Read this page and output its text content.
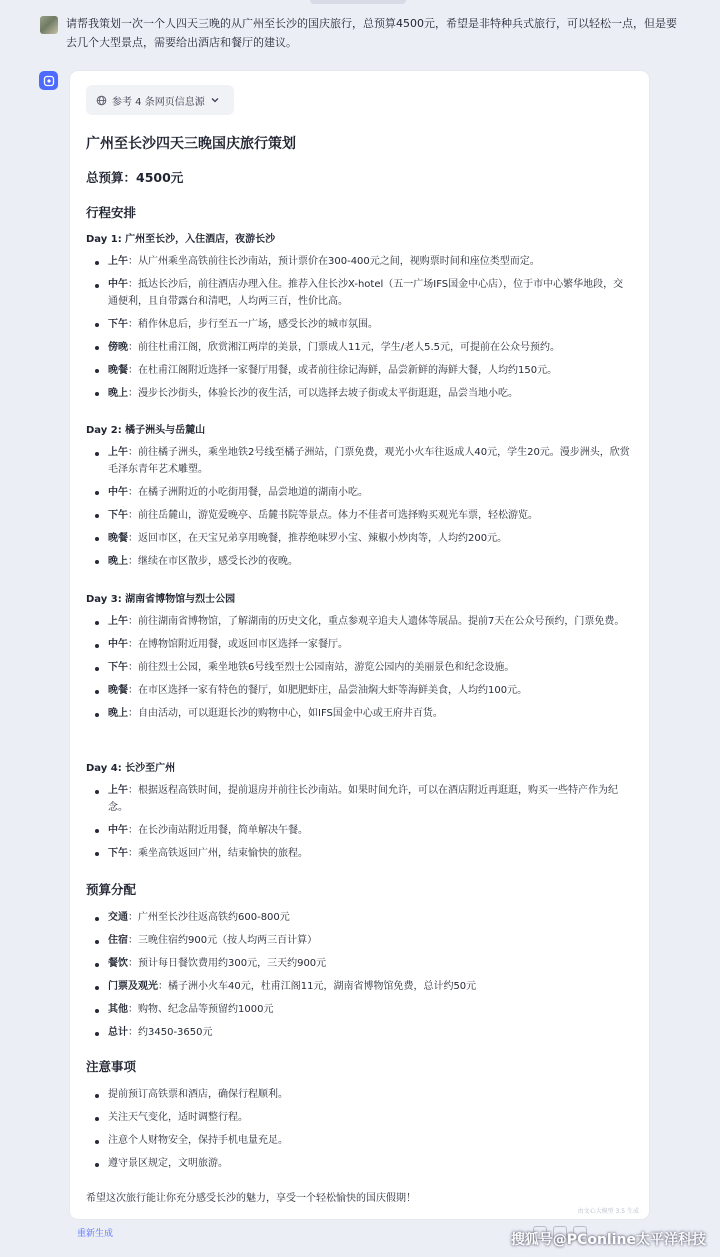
请帮我策划一次一个人四天三晚的从广州至长沙的国庆旅行，总预算4500元，希望是非特种兵式旅行，可以轻松一点，但是要去几个大型景点，需要给出酒店和餐厅的建议。
参考 4 条网页信息源
广州至长沙四天三晚国庆旅行策划
总预算：4500元
行程安排
Day 1: 广州至长沙，入住酒店，夜游长沙
上午：从广州乘坐高铁前往长沙南站，预计票价在300-400元之间，视购票时间和座位类型而定。
中午：抵达长沙后，前往酒店办理入住。推荐入住长沙X-hotel（五一广场IFS国金中心店），位于市中心繁华地段，交通便利，且自带露台和清吧，人均两三百，性价比高。
下午：稍作休息后，步行至五一广场，感受长沙的城市氛围。
傍晚：前往杜甫江阁，欣赏湘江两岸的美景，门票成人11元，学生/老人5.5元，可提前在公众号预约。
晚餐：在杜甫江阁附近选择一家餐厅用餐，或者前往徐记海鲜，品尝新鲜的海鲜大餐，人均约150元。
晚上：漫步长沙街头，体验长沙的夜生活，可以选择去坡子街或太平街逛逛，品尝当地小吃。
Day 2: 橘子洲头与岳麓山
上午：前往橘子洲头，乘坐地铁2号线至橘子洲站，门票免费，观光小火车往返成人40元，学生20元。漫步洲头，欣赏毛泽东青年艺术雕塑。
中午：在橘子洲附近的小吃街用餐，品尝地道的湖南小吃。
下午：前往岳麓山，游览爱晚亭、岳麓书院等景点。体力不佳者可选择购买观光车票，轻松游览。
晚餐：返回市区，在天宝兄弟享用晚餐，推荐绝味罗小宝、辣椒小炒肉等，人均约200元。
晚上：继续在市区散步，感受长沙的夜晚。
Day 3: 湖南省博物馆与烈士公园
上午：前往湖南省博物馆，了解湖南的历史文化，重点参观辛追夫人遗体等展品。提前7天在公众号预约，门票免费。
中午：在博物馆附近用餐，或返回市区选择一家餐厅。
下午：前往烈士公园，乘坐地铁6号线至烈士公园南站，游览公园内的美丽景色和纪念设施。
晚餐：在市区选择一家有特色的餐厅，如肥肥虾庄，品尝油焖大虾等海鲜美食，人均约100元。
晚上：自由活动，可以逛逛长沙的购物中心，如IFS国金中心或王府井百货。
Day 4: 长沙至广州
上午：根据返程高铁时间，提前退房并前往长沙南站。如果时间允许，可以在酒店附近再逛逛，购买一些特产作为纪念。
中午：在长沙南站附近用餐，简单解决午餐。
下午：乘坐高铁返回广州，结束愉快的旅程。
预算分配
交通：广州至长沙往返高铁约600-800元
住宿：三晚住宿约900元（按人均两三百计算）
餐饮：预计每日餐饮费用约300元，三天约900元
门票及观光：橘子洲小火车40元，杜甫江阁11元，湖南省博物馆免费，总计约50元
其他：购物、纪念品等预留约1000元
总计：约3450-3650元
注意事项
提前预订高铁票和酒店，确保行程顺利。
关注天气变化，适时调整行程。
注意个人财物安全，保持手机电量充足。
遵守景区规定，文明旅游。
希望这次旅行能让你充分感受长沙的魅力，享受一个轻松愉快的国庆假期！
由文心大模型 3.5 生成
重新生成	搜狐号@PConline太平洋科技
